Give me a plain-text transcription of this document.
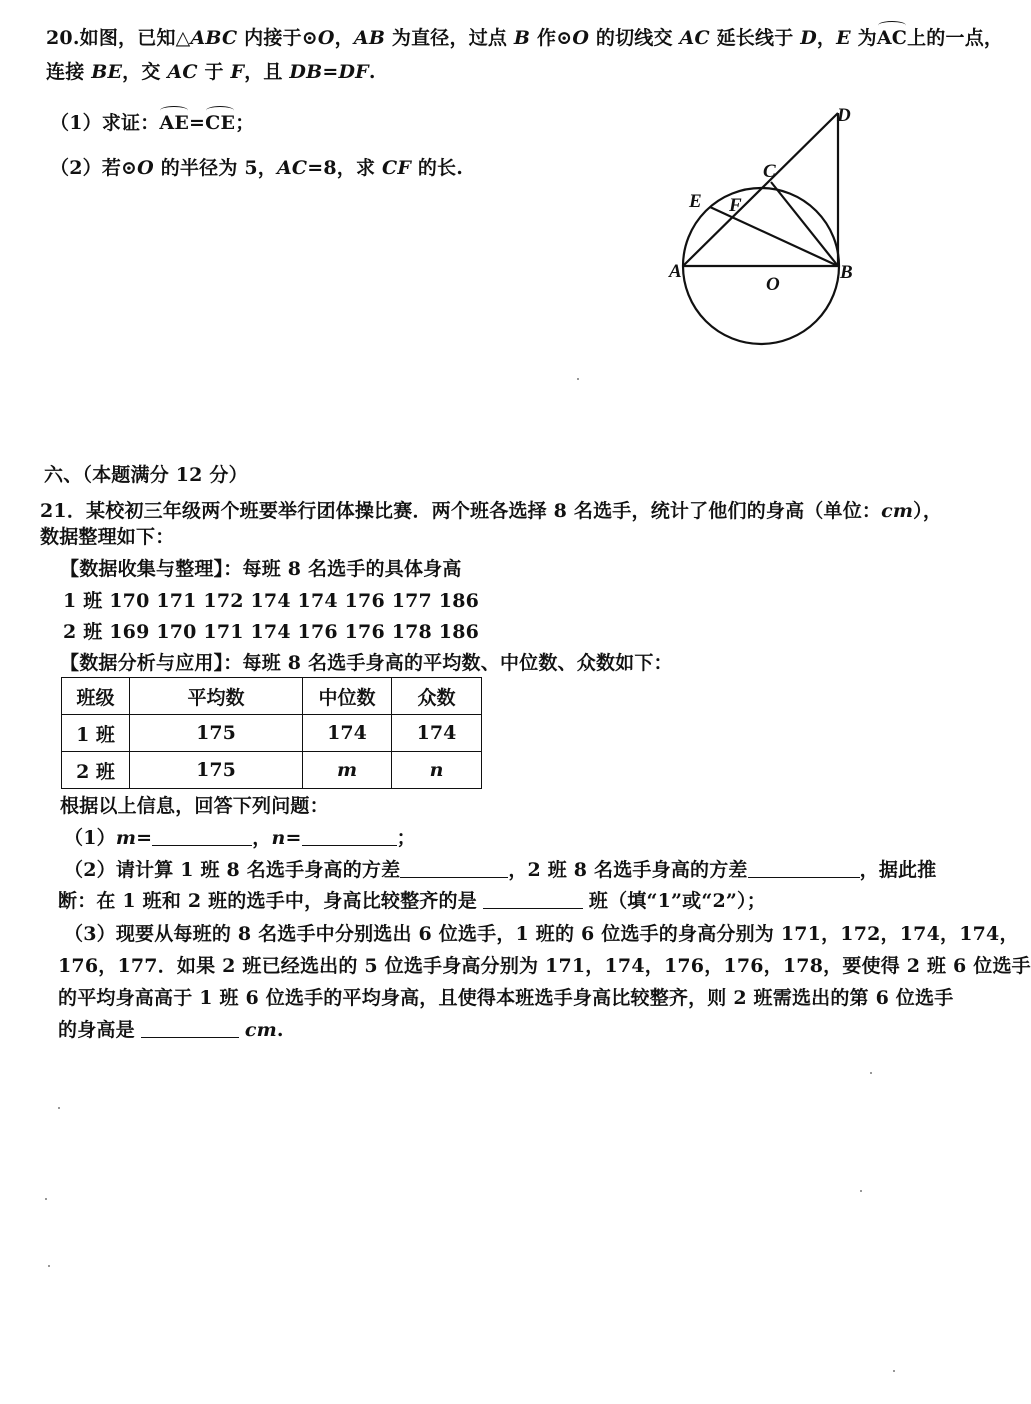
20.如图，已知△ABC 内接于⊙O，AB 为直径，过点 B 作⊙O 的切线交 AC 延长线于 D，E 为AC上的一点，
连接 BE，交 AC 于 F，且 DB=DF.
（1）求证：AE=CE；
（2）若⊙O 的半径为 5，AC=8，求 CF 的长.
D
C
E F
A
O
B
六、（本题满分 12 分）
21．某校初三年级两个班要举行团体操比赛．两个班各选择 8 名选手，统计了他们的身高（单位：cm），
数据整理如下：
【数据收集与整理】：每班 8 名选手的具体身高
1 班 170 171 172 174 174 176 177 186
2 班 169 170 171 174 176 176 178 186
【数据分析与应用】：每班 8 名选手身高的平均数、中位数、众数如下：
班级	平均数	中位数	众数
1 班	175	174	174
2 班	175	m	n
根据以上信息，回答下列问题：
（1）m=	，n=	；
（2）请计算 1 班 8 名选手身高的方差	，2 班 8 名选手身高的方差	，据此推
断：在 1 班和 2 班的选手中，身高比较整齐的是	班（填“1”或“2”）；
（3）现要从每班的 8 名选手中分别选出 6 位选手，1 班的 6 位选手的身高分别为 171，172，174，174，
176，177．如果 2 班已经选出的 5 位选手身高分别为 171，174，176，176，178，要使得 2 班 6 位选手
的平均身高高于 1 班 6 位选手的平均身高，且使得本班选手身高比较整齐，则 2 班需选出的第 6 位选手
的身高是	cm.
